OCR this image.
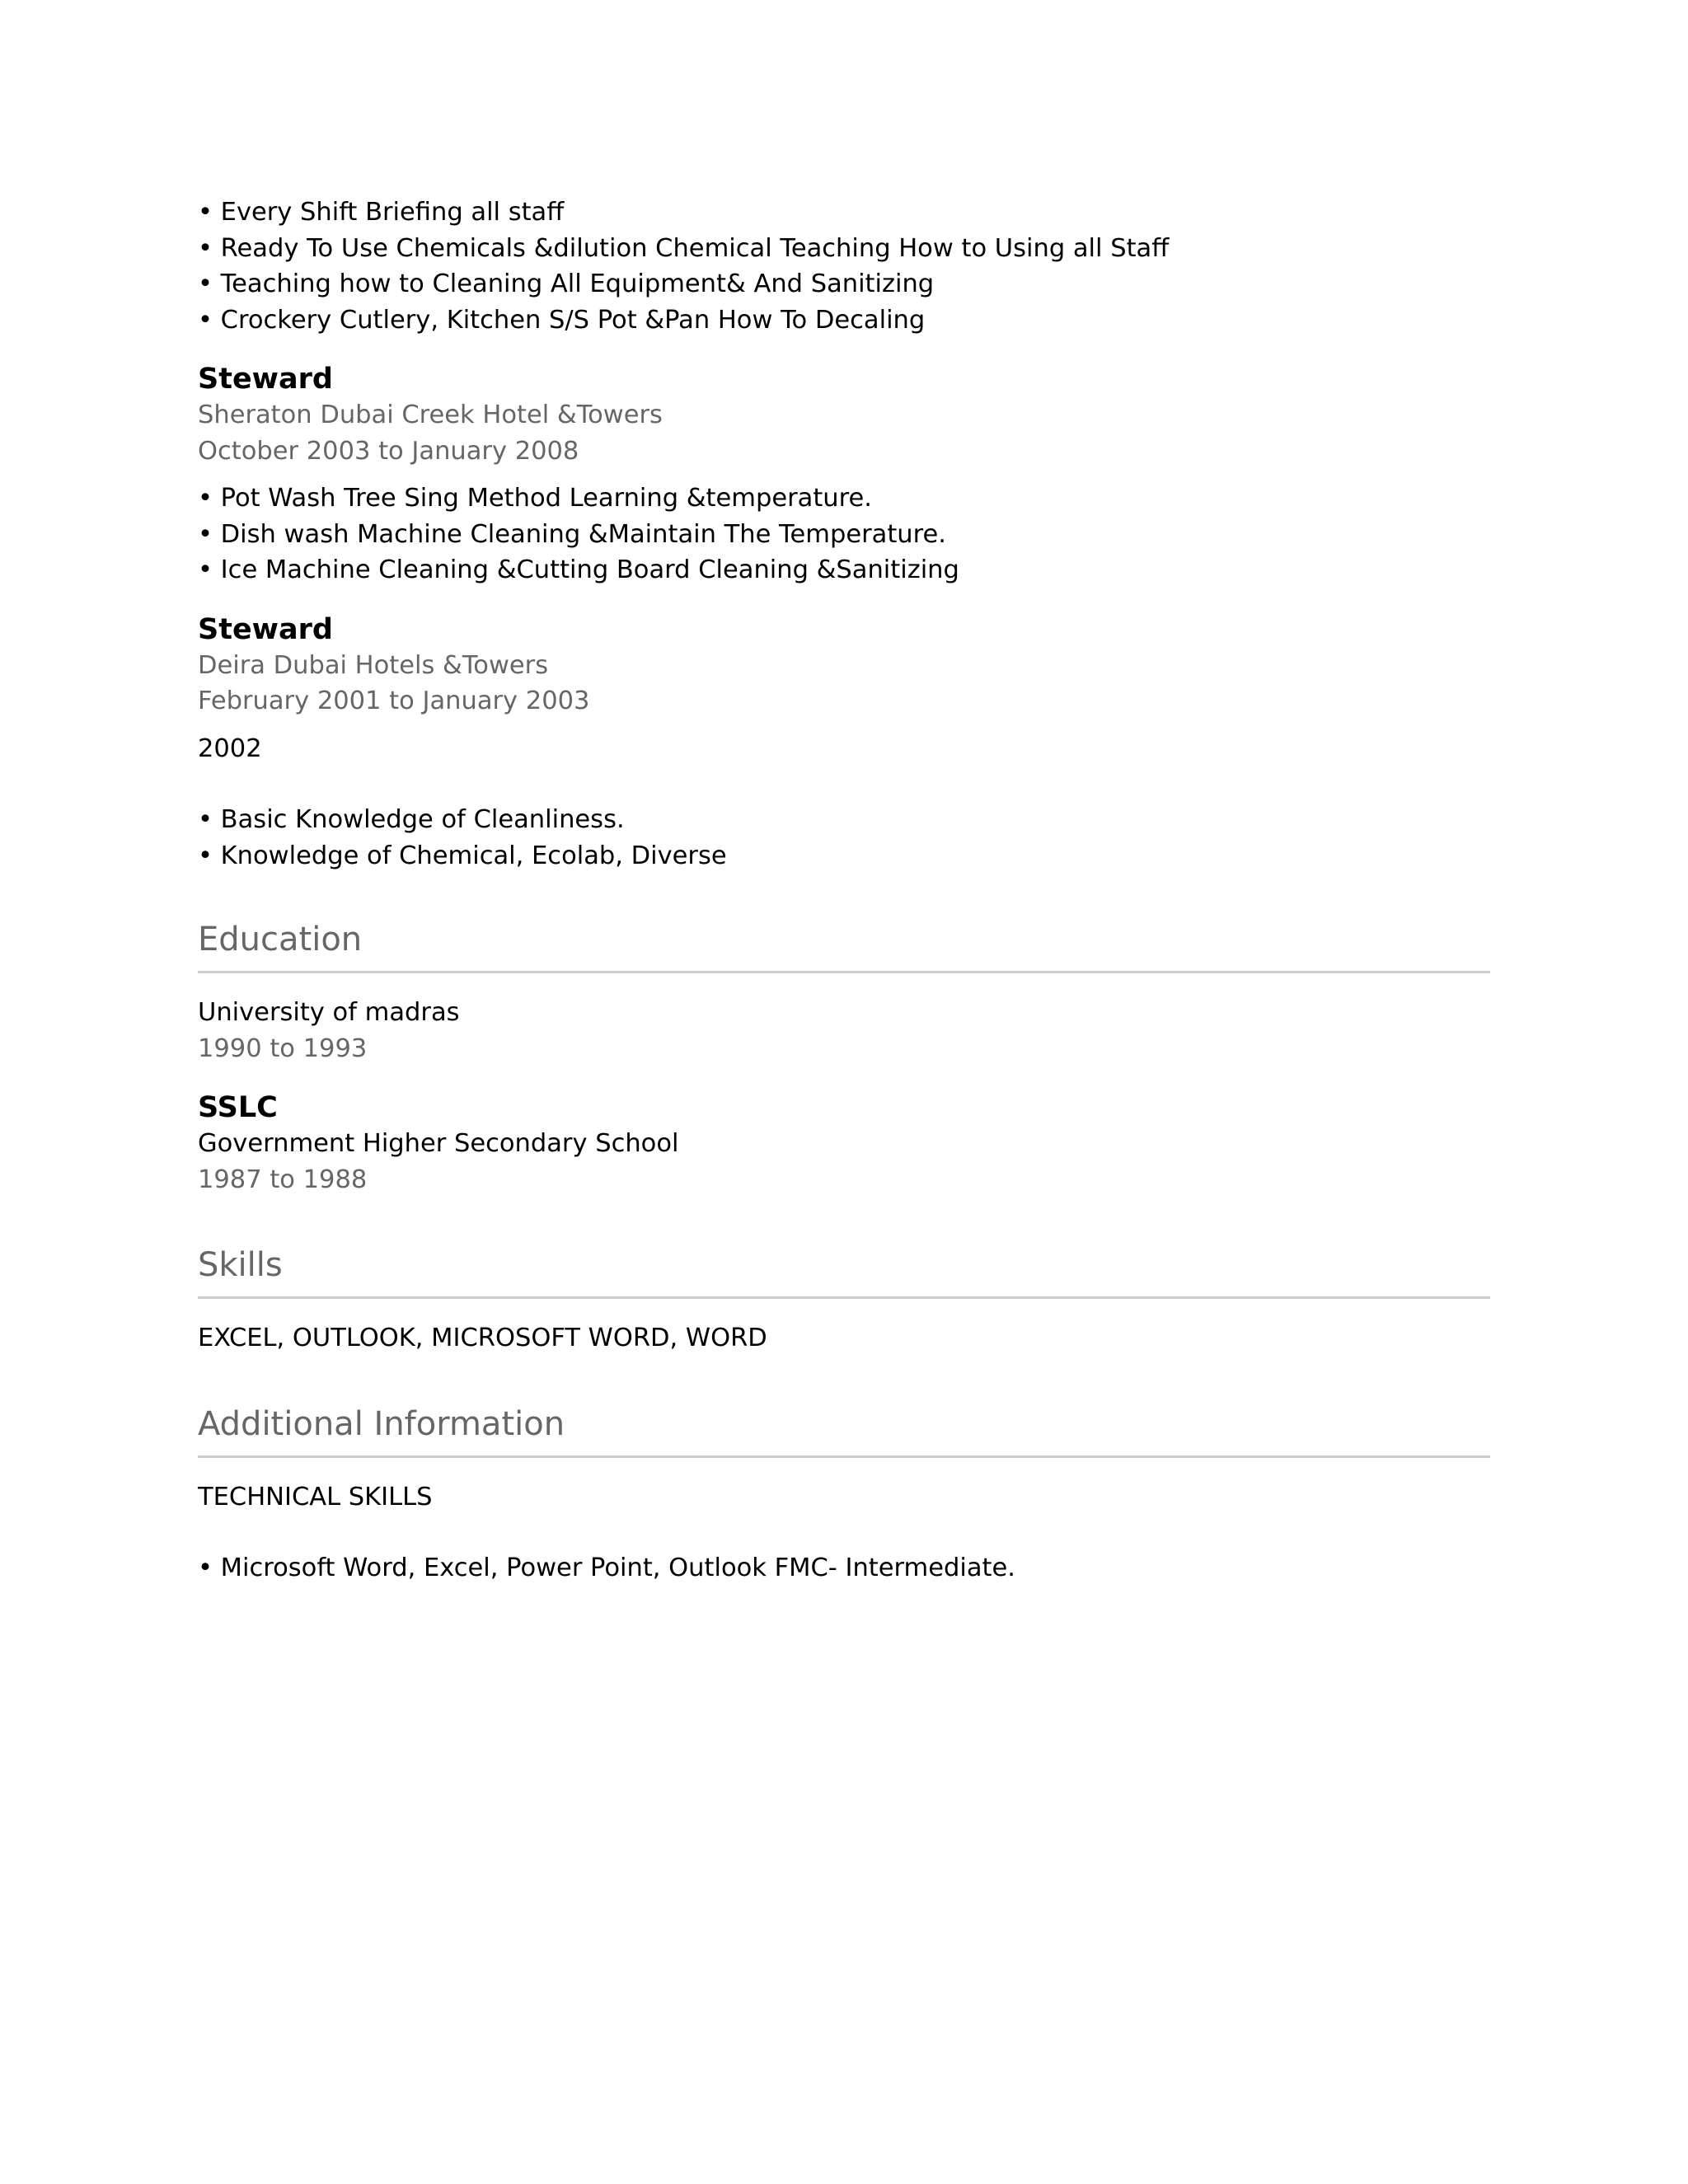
• Every Shift Briefing all staff

• Ready To Use Chemicals &dilution Chemical Teaching How to Using all Staff

• Teaching how to Cleaning All Equipment& And Sanitizing

• Crockery Cutlery, Kitchen S/S Pot &Pan How To Decaling

Steward

Sheraton Dubai Creek Hotel &Towers

October 2003 to January 2008

• Pot Wash Tree Sing Method Learning &temperature.

• Dish wash Machine Cleaning &Maintain The Temperature.

• Ice Machine Cleaning &Cutting Board Cleaning &Sanitizing

Steward

Deira Dubai Hotels &Towers

February 2001 to January 2003

2002

• Basic Knowledge of Cleanliness.

• Knowledge of Chemical, Ecolab, Diverse

Education

University of madras

1990 to 1993

SSLC

Government Higher Secondary School

1987 to 1988

Skills

EXCEL, OUTLOOK, MICROSOFT WORD, WORD

Additional Information

TECHNICAL SKILLS

• Microsoft Word, Excel, Power Point, Outlook FMC- Intermediate.
